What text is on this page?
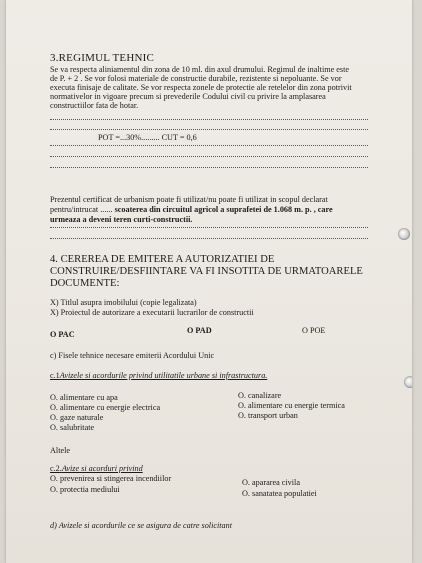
3.REGIMUL TEHNIC
Se va respecta aliniamentul din zona de 10 ml. din axul drumului. Regimul de inaltime este
de P. + 2 . Se vor folosi materiale de constructie durabile, rezistente si nepoluante. Se vor
executa finisaje de calitate. Se vor respecta zonele de protectie ale retelelor din zona potrivit
normativelor in vigoare precum si prevederile Codului civil cu privire la amplasarea
constructiilor fata de hotar.
POT =...30%......... CUT = 0,6
Prezentul certificat de urbanism poate fi utilizat/nu poate fi utilizat in scopul declarat
pentru/intrucat ...... scoaterea din circuitul agricol a suprafetei de 1.068 m. p. , care
urmeaza a deveni teren curti-constructii.
4. CEREREA DE EMITERE A AUTORIZATIEI DE
CONSTRUIRE/DESFIINTARE VA FI INSOTITA DE URMATOARELE
DOCUMENTE:
X) Titlul asupra imobilului (copie legalizata)
X) Proiectul de autorizare a executarii lucrarilor de constructii
O PAC	O PAD	O POE
c) Fisele tehnice necesare emiterii Acordului Unic
c.1Avizele si acordurile privind utilitatile urbane si infrastructura.
O. alimentare cu apa
O. alimentare cu energie electrica
O. gaze naturale
O. salubritate
O. canalizare
O. alimentare cu energie termica
O. transport urban
Altele
c.2.Avize si acorduri privind
O. prevenirea si stingerea incendiilor
O. protectia mediului
O. apararea civila
O. sanatatea populatiei
d) Avizele si acordurile ce se asigura de catre solicitant
